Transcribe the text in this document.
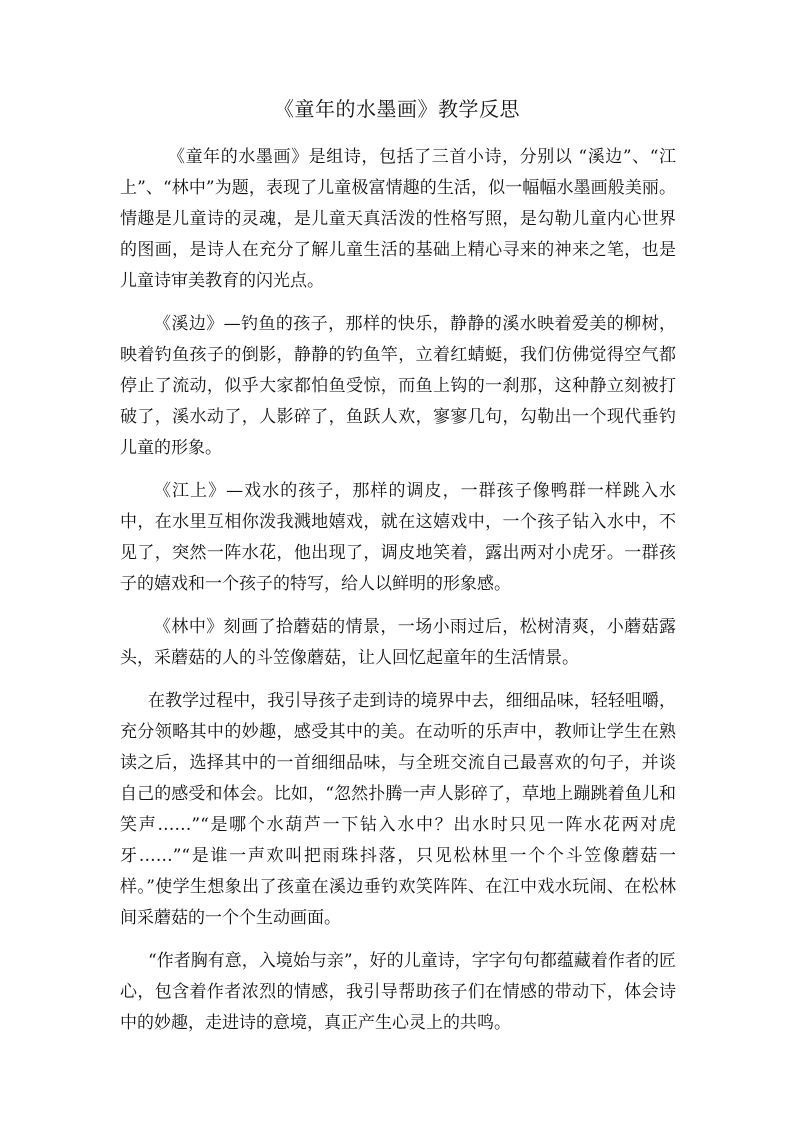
《童年的水墨画》教学反思

《童年的水墨画》是组诗，包括了三首小诗，分别以 “溪边”、“江上”、“林中”为题，表现了儿童极富情趣的生活，似一幅幅水墨画般美丽。情趣是儿童诗的灵魂，是儿童天真活泼的性格写照，是勾勒儿童内心世界的图画，是诗人在充分了解儿童生活的基础上精心寻来的神来之笔，也是儿童诗审美教育的闪光点。

《溪边》—钓鱼的孩子，那样的快乐，静静的溪水映着爱美的柳树，映着钓鱼孩子的倒影，静静的钓鱼竿，立着红蜻蜓，我们仿佛觉得空气都停止了流动，似乎大家都怕鱼受惊，而鱼上钩的一刹那，这种静立刻被打破了，溪水动了，人影碎了，鱼跃人欢，寥寥几句，勾勒出一个现代垂钓儿童的形象。

《江上》—戏水的孩子，那样的调皮，一群孩子像鸭群一样跳入水中，在水里互相你泼我溅地嬉戏，就在这嬉戏中，一个孩子钻入水中，不见了，突然一阵水花，他出现了，调皮地笑着，露出两对小虎牙。一群孩子的嬉戏和一个孩子的特写，给人以鲜明的形象感。

《林中》刻画了拾蘑菇的情景，一场小雨过后，松树清爽，小蘑菇露头，采蘑菇的人的斗笠像蘑菇，让人回忆起童年的生活情景。

在教学过程中，我引导孩子走到诗的境界中去，细细品味，轻轻咀嚼，充分领略其中的妙趣，感受其中的美。在动听的乐声中，教师让学生在熟读之后，选择其中的一首细细品味，与全班交流自己最喜欢的句子，并谈自己的感受和体会。比如，“忽然扑腾一声人影碎了，草地上蹦跳着鱼儿和笑声……”“是哪个水葫芦一下钻入水中？出水时只见一阵水花两对虎牙……”“是谁一声欢叫把雨珠抖落，只见松林里一个个斗笠像蘑菇一样。”使学生想象出了孩童在溪边垂钓欢笑阵阵、在江中戏水玩闹、在松林间采蘑菇的一个个生动画面。

“作者胸有意，入境始与亲”，好的儿童诗，字字句句都蕴藏着作者的匠心，包含着作者浓烈的情感，我引导帮助孩子们在情感的带动下，体会诗中的妙趣，走进诗的意境，真正产生心灵上的共鸣。
